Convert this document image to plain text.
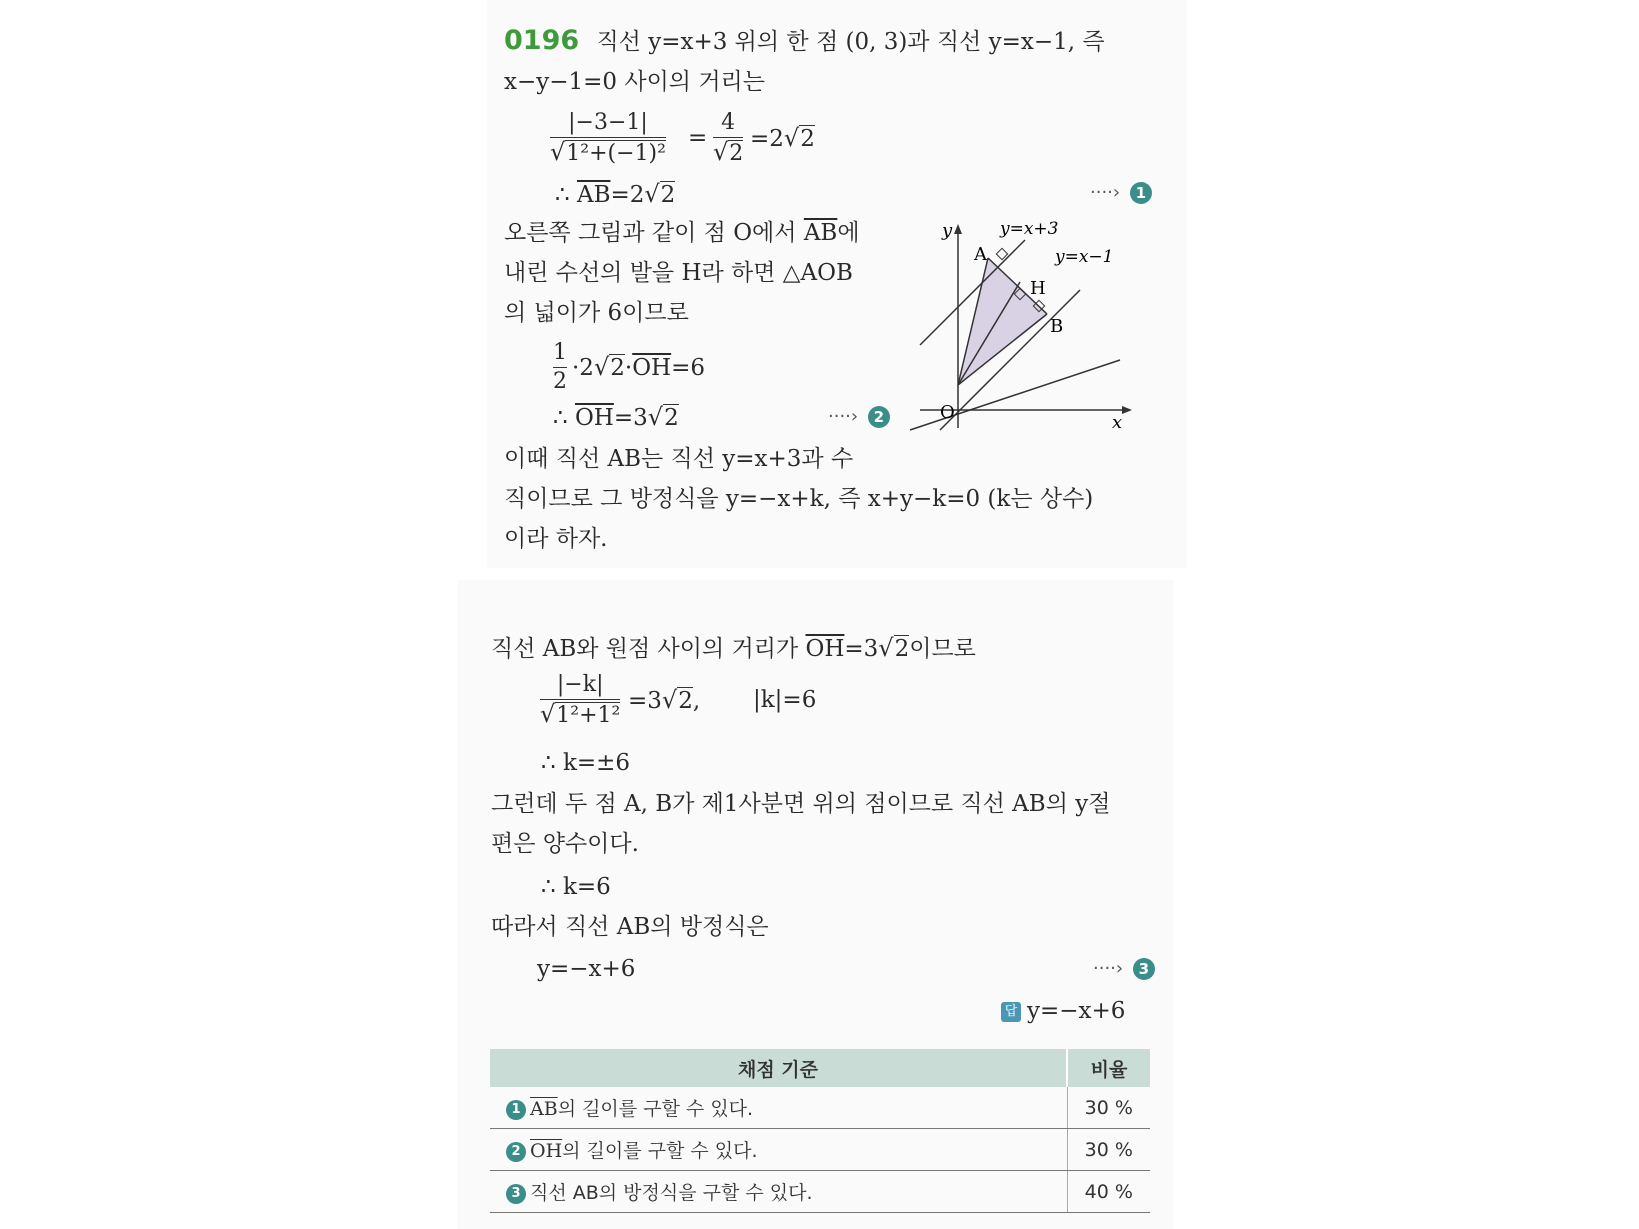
0196 직선 y=x+3 위의 한 점 (0, 3)과 직선 y=x−1, 즉
x−y−1=0 사이의 거리는
|−3−1|
√1²+(−1)²
=
4
√2
=2√2
∴ $\overline{AB}=2√2$	····› 1
오른쪽 그림과 같이 점 O에서 $\overline{AB}$에
내린 수선의 발을 H라 하면 △AOB
의 넓이가 6이므로
1
2
$\cdot 2√2\cdot\overline{OH}=6$
∴ $\overline{OH}=3√2$	····› 2
이때 직선 AB는 직선 y=x+3과 수
직이므로 그 방정식을 y=−x+k, 즉 x+y−k=0 (k는 상수)
이라 하자.
y
x
O
y=x+3
y=x−1
A
B
H
직선 AB와 원점 사이의 거리가 $\overline{OH}=3√2$이므로
|−k|
√1²+1²
=3√2, |k|=6
∴ k=±6
그런데 두 점 A, B가 제1사분면 위의 점이므로 직선 AB의 y절
편은 양수이다.
∴ k=6
따라서 직선 AB의 방정식은
y=−x+6	····› 3
답 y=−x+6
채점 기준	비율
1 $\overline{AB}$의 길이를 구할 수 있다.	30 %
2 $\overline{OH}$의 길이를 구할 수 있다.	30 %
3 직선 AB의 방정식을 구할 수 있다.	40 %
